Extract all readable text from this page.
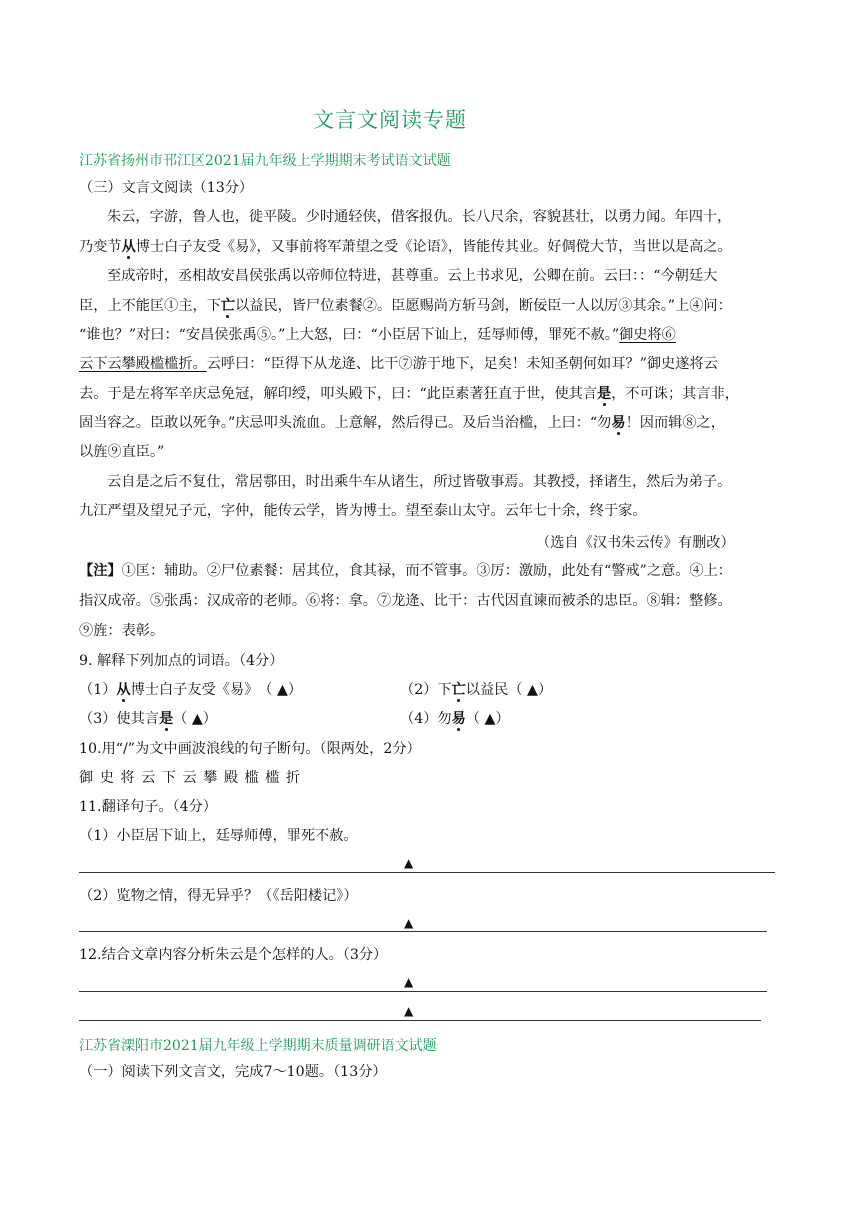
文言文阅读专题
江苏省扬州市邗江区2021届九年级上学期期末考试语文试题
（三）文言文阅读（13分）
朱云，字游，鲁人也，徙平陵。少时通轻侠，借客报仇。长八尺余，容貌甚壮，以勇力闻。年四十，
乃变节从博士白子友受《易》，又事前将军萧望之受《论语》，皆能传其业。好倜傥大节，当世以是高之。
至成帝时，丞相故安昌侯张禹以帝师位特进，甚尊重。云上书求见，公卿在前。云曰：：“今朝廷大
臣，上不能匡①主，下亡以益民，皆尸位素餐②。臣愿赐尚方斩马剑，断佞臣一人以厉③其余。”上④问：
“谁也？”对曰：“安昌侯张禹⑤。”上大怒，曰：“小臣居下讪上，廷辱师傅，罪死不赦。”御史将⑥
云下云攀殿槛槛折。云呼曰：“臣得下从龙逄、比干⑦游于地下，足矣！未知圣朝何如耳？”御史遂将云
去。于是左将军辛庆忌免冠，解印绶，叩头殿下，曰：“此臣素著狂直于世，使其言是，不可诛；其言非，
固当容之。臣敢以死争。”庆忌叩头流血。上意解，然后得已。及后当治槛，上曰：“勿易！因而辑⑧之，
以旌⑨直臣。”
云自是之后不复仕，常居鄠田，时出乘牛车从诸生，所过皆敬事焉。其教授，择诸生，然后为弟子。
九江严望及望兄子元，字仲，能传云学，皆为博士。望至泰山太守。云年七十余，终于家。
（选自《汉书朱云传》有删改）
【注】①匡：辅助。②尸位素餐：居其位，食其禄，而不管事。③厉：激励，此处有“警戒”之意。④上：
指汉成帝。⑤张禹：汉成帝的老师。⑥将：拿。⑦龙逄、比干：古代因直谏而被杀的忠臣。⑧辑：整修。
⑨旌：表彰。
9. 解释下列加点的词语。（4分）
（1）从博士白子友受《易》　（ ▲）	（2）下亡以益民（ ▲）
（3）使其言是（ ▲）	（4）勿易（ ▲）
10.用“/”为文中画波浪线的句子断句。（限两处，2分）
御史将云下云攀殿槛槛折
11.翻译句子。（4分）
（1）小臣居下讪上，廷辱师傅，罪死不赦。
▲
（2）览物之情，得无异乎？（《岳阳楼记》）
▲
12.结合文章内容分析朱云是个怎样的人。（3分）
▲
▲
江苏省溧阳市2021届九年级上学期期末质量调研语文试题
（一）阅读下列文言文，完成7～10题。（13分）
